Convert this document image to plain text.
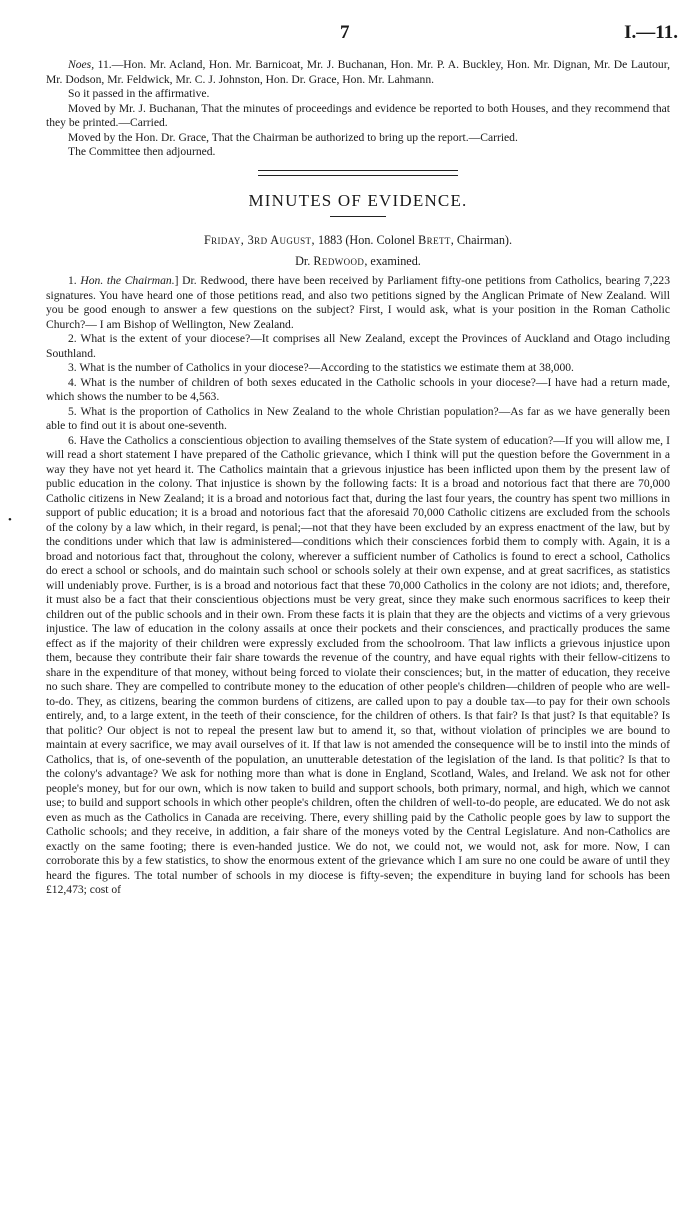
7	I.—11.
•

Noes, 11.—Hon. Mr. Acland, Hon. Mr. Barnicoat, Mr. J. Buchanan, Hon. Mr. P. A. Buckley, Hon. Mr. Dignan, Mr. De Lautour, Mr. Dodson, Mr. Feldwick, Mr. C. J. Johnston, Hon. Dr. Grace, Hon. Mr. Lahmann.

So it passed in the affirmative.

Moved by Mr. J. Buchanan, That the minutes of proceedings and evidence be reported to both Houses, and they recommend that they be printed.—Carried.

Moved by the Hon. Dr. Grace, That the Chairman be authorized to bring up the report.—Carried.

The Committee then adjourned.

MINUTES OF EVIDENCE.

Friday, 3rd August, 1883 (Hon. Colonel Brett, Chairman).

Dr. Redwood, examined.

1. Hon. the Chairman.] Dr. Redwood, there have been received by Parliament fifty-one petitions from Catholics, bearing 7,223 signatures. You have heard one of those petitions read, and also two petitions signed by the Anglican Primate of New Zealand. Will you be good enough to answer a few questions on the subject? First, I would ask, what is your position in the Roman Catholic Church?— I am Bishop of Wellington, New Zealand.

2. What is the extent of your diocese?—It comprises all New Zealand, except the Provinces of Auckland and Otago including Southland.

3. What is the number of Catholics in your diocese?—According to the statistics we estimate them at 38,000.

4. What is the number of children of both sexes educated in the Catholic schools in your diocese?—I have had a return made, which shows the number to be 4,563.

5. What is the proportion of Catholics in New Zealand to the whole Christian population?—As far as we have generally been able to find out it is about one-seventh.

6. Have the Catholics a conscientious objection to availing themselves of the State system of education?—If you will allow me, I will read a short statement I have prepared of the Catholic grievance, which I think will put the question before the Government in a way they have not yet heard it. The Catholics maintain that a grievous injustice has been inflicted upon them by the present law of public education in the colony. That injustice is shown by the following facts: It is a broad and notorious fact that there are 70,000 Catholic citizens in New Zealand; it is a broad and notorious fact that, during the last four years, the country has spent two millions in support of public education; it is a broad and notorious fact that the aforesaid 70,000 Catholic citizens are excluded from the schools of the colony by a law which, in their regard, is penal;—not that they have been excluded by an express enactment of the law, but by the conditions under which that law is administered—conditions which their consciences forbid them to comply with. Again, it is a broad and notorious fact that, throughout the colony, wherever a sufficient number of Catholics is found to erect a school, Catholics do erect a school or schools, and do maintain such school or schools solely at their own expense, and at great sacrifices, as statistics will undeniably prove. Further, is is a broad and notorious fact that these 70,000 Catholics in the colony are not idiots; and, therefore, it must also be a fact that their conscientious objections must be very great, since they make such enormous sacrifices to keep their children out of the public schools and in their own. From these facts it is plain that they are the objects and victims of a very grievous injustice. The law of education in the colony assails at once their pockets and their consciences, and practically produces the same effect as if the majority of their children were expressly excluded from the schoolroom. That law inflicts a grievous injustice upon them, because they contribute their fair share towards the revenue of the country, and have equal rights with their fellow-citizens to share in the expenditure of that money, without being forced to violate their consciences; but, in the matter of education, they receive no such share. They are compelled to contribute money to the education of other people's children—children of people who are well-to-do. They, as citizens, bearing the common burdens of citizens, are called upon to pay a double tax—to pay for their own schools entirely, and, to a large extent, in the teeth of their conscience, for the children of others. Is that fair? Is that just? Is that equitable? Is that politic? Our object is not to repeal the present law but to amend it, so that, without violation of principles we are bound to maintain at every sacrifice, we may avail ourselves of it. If that law is not amended the consequence will be to instil into the minds of Catholics, that is, of one-seventh of the population, an unutterable detestation of the legislation of the land. Is that politic? Is that to the colony's advantage? We ask for nothing more than what is done in England, Scotland, Wales, and Ireland. We ask not for other people's money, but for our own, which is now taken to build and support schools, both primary, normal, and high, which we cannot use; to build and support schools in which other people's children, often the children of well-to-do people, are educated. We do not ask even as much as the Catholics in Canada are receiving. There, every shilling paid by the Catholic people goes by law to support the Catholic schools; and they receive, in addition, a fair share of the moneys voted by the Central Legislature. And non-Catholics are exactly on the same footing; there is even-handed justice. We do not, we could not, we would not, ask for more. Now, I can corroborate this by a few statistics, to show the enormous extent of the grievance which I am sure no one could be aware of until they heard the figures. The total number of schools in my diocese is fifty-seven; the expenditure in buying land for schools has been £12,473; cost of
